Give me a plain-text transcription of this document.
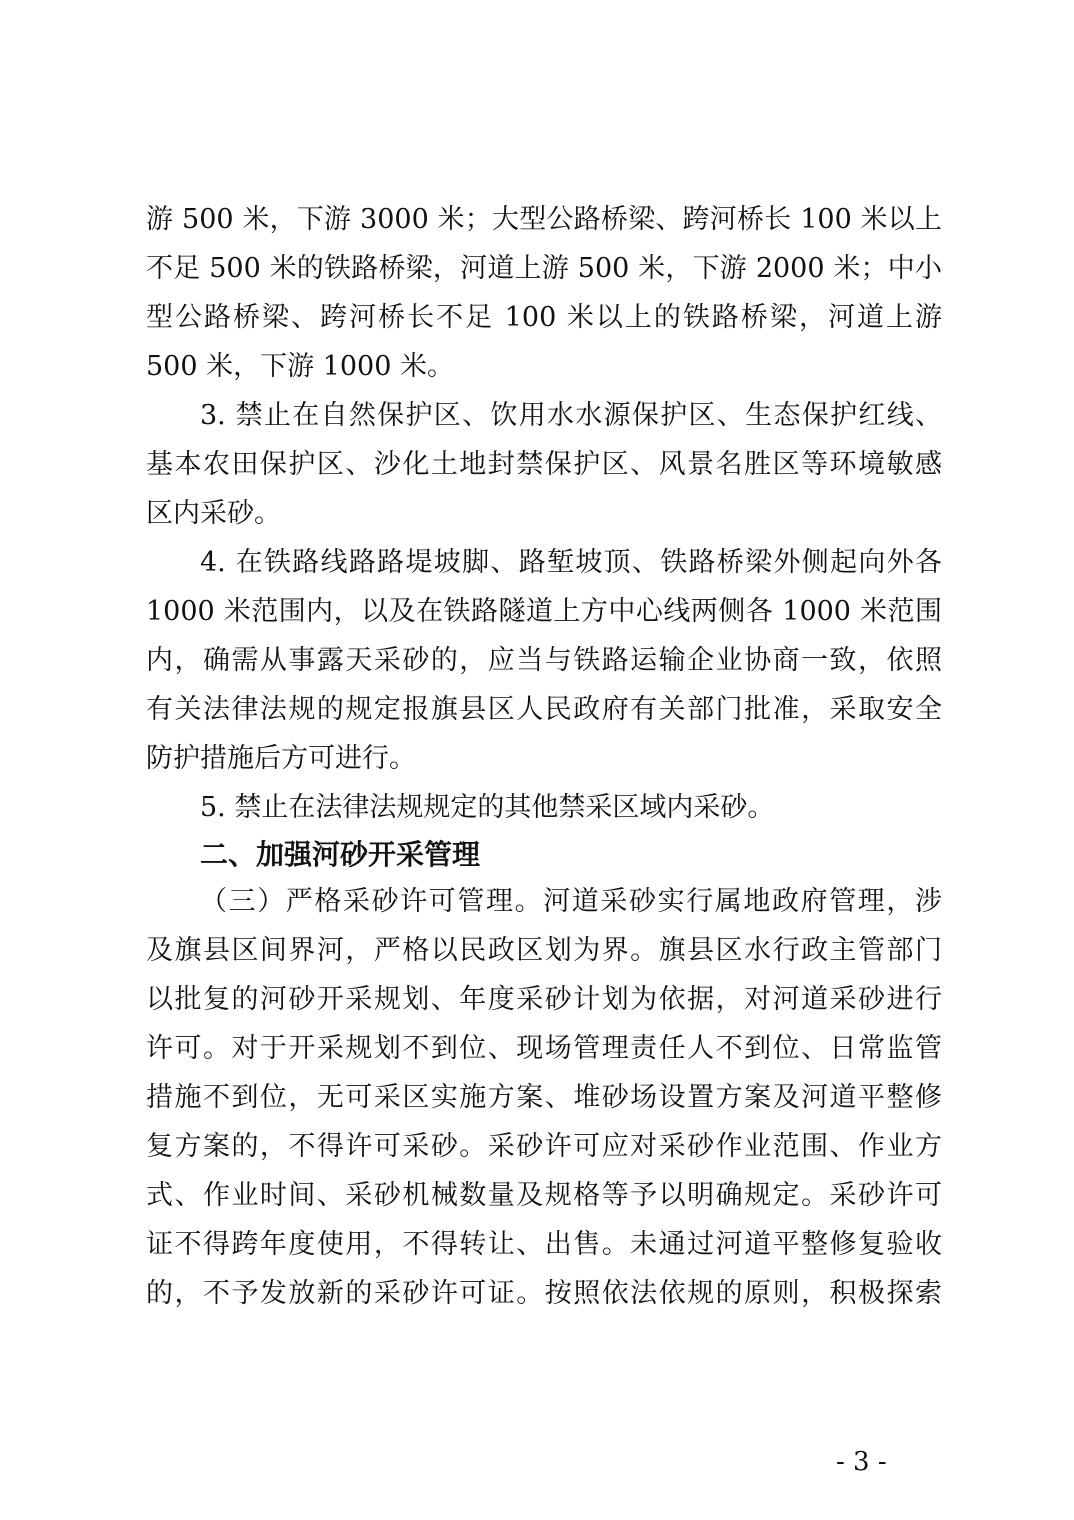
游 500 米，下游 3000 米；大型公路桥梁、跨河桥长 100 米以上
不足 500 米的铁路桥梁，河道上游 500 米，下游 2000 米；中小
型公路桥梁、跨河桥长不足 100 米以上的铁路桥梁，河道上游
500 米，下游 1000 米。
3. 禁止在自然保护区、饮用水水源保护区、生态保护红线、
基本农田保护区、沙化土地封禁保护区、风景名胜区等环境敏感
区内采砂。
4. 在铁路线路路堤坡脚、路堑坡顶、铁路桥梁外侧起向外各
1000 米范围内，以及在铁路隧道上方中心线两侧各 1000 米范围
内，确需从事露天采砂的，应当与铁路运输企业协商一致，依照
有关法律法规的规定报旗县区人民政府有关部门批准，采取安全
防护措施后方可进行。
5. 禁止在法律法规规定的其他禁采区域内采砂。
二、加强河砂开采管理
（三）严格采砂许可管理。河道采砂实行属地政府管理，涉
及旗县区间界河，严格以民政区划为界。旗县区水行政主管部门
以批复的河砂开采规划、年度采砂计划为依据，对河道采砂进行
许可。对于开采规划不到位、现场管理责任人不到位、日常监管
措施不到位，无可采区实施方案、堆砂场设置方案及河道平整修
复方案的，不得许可采砂。采砂许可应对采砂作业范围、作业方
式、作业时间、采砂机械数量及规格等予以明确规定。采砂许可
证不得跨年度使用，不得转让、出售。未通过河道平整修复验收
的，不予发放新的采砂许可证。按照依法依规的原则，积极探索
- 3 -
